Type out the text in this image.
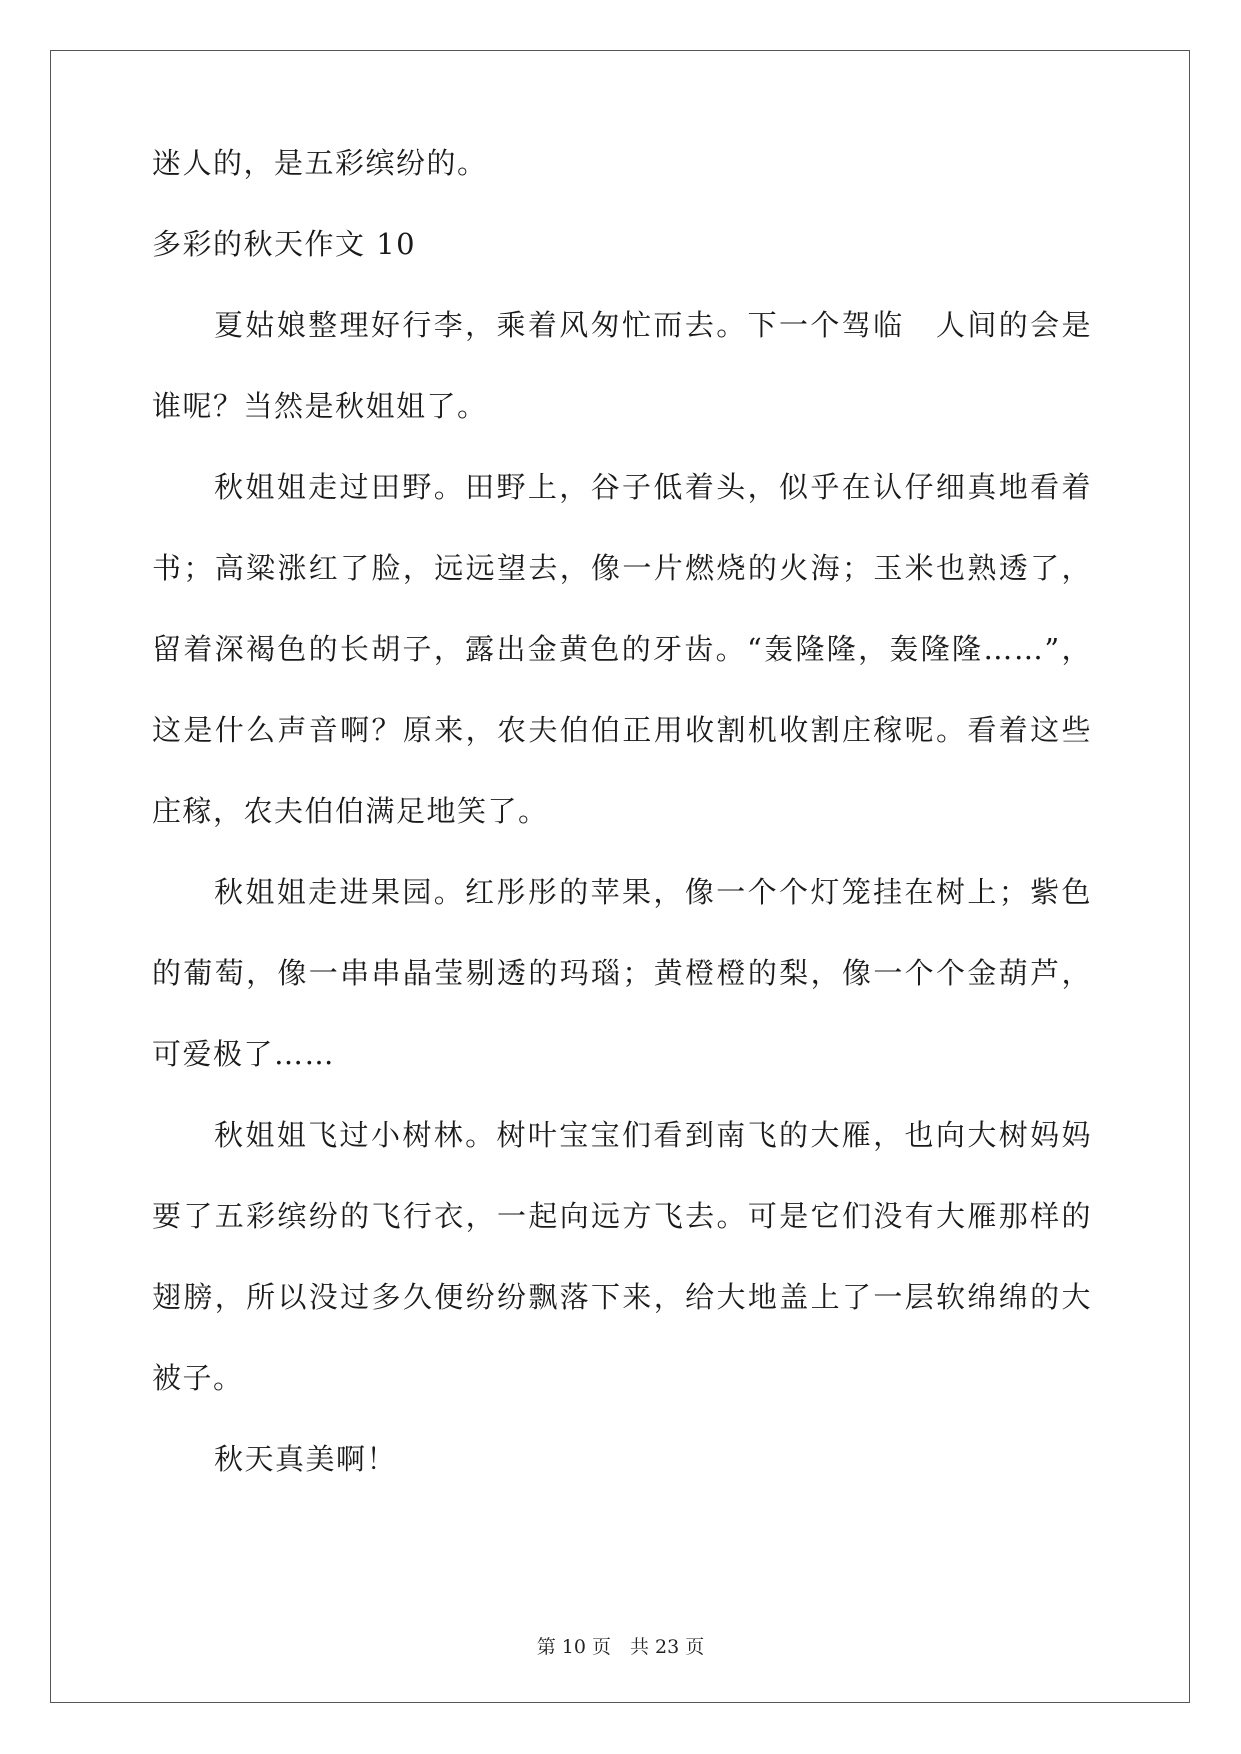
迷人的，是五彩缤纷的。

多彩的秋天作文 10

夏姑娘整理好行李，乘着风匆忙而去。下一个驾临　人间的会是

谁呢？当然是秋姐姐了。

秋姐姐走过田野。田野上，谷子低着头，似乎在认仔细真地看着

书；高粱涨红了脸，远远望去，像一片燃烧的火海；玉米也熟透了，

留着深褐色的长胡子，露出金黄色的牙齿。“轰隆隆，轰隆隆……”，

这是什么声音啊？原来，农夫伯伯正用收割机收割庄稼呢。看着这些

庄稼，农夫伯伯满足地笑了。

秋姐姐走进果园。红彤彤的苹果，像一个个灯笼挂在树上；紫色

的葡萄，像一串串晶莹剔透的玛瑙；黄橙橙的梨，像一个个金葫芦，

可爱极了……

秋姐姐飞过小树林。树叶宝宝们看到南飞的大雁，也向大树妈妈

要了五彩缤纷的飞行衣，一起向远方飞去。可是它们没有大雁那样的

翅膀，所以没过多久便纷纷飘落下来，给大地盖上了一层软绵绵的大

被子。

秋天真美啊！

第 10 页　共 23 页
